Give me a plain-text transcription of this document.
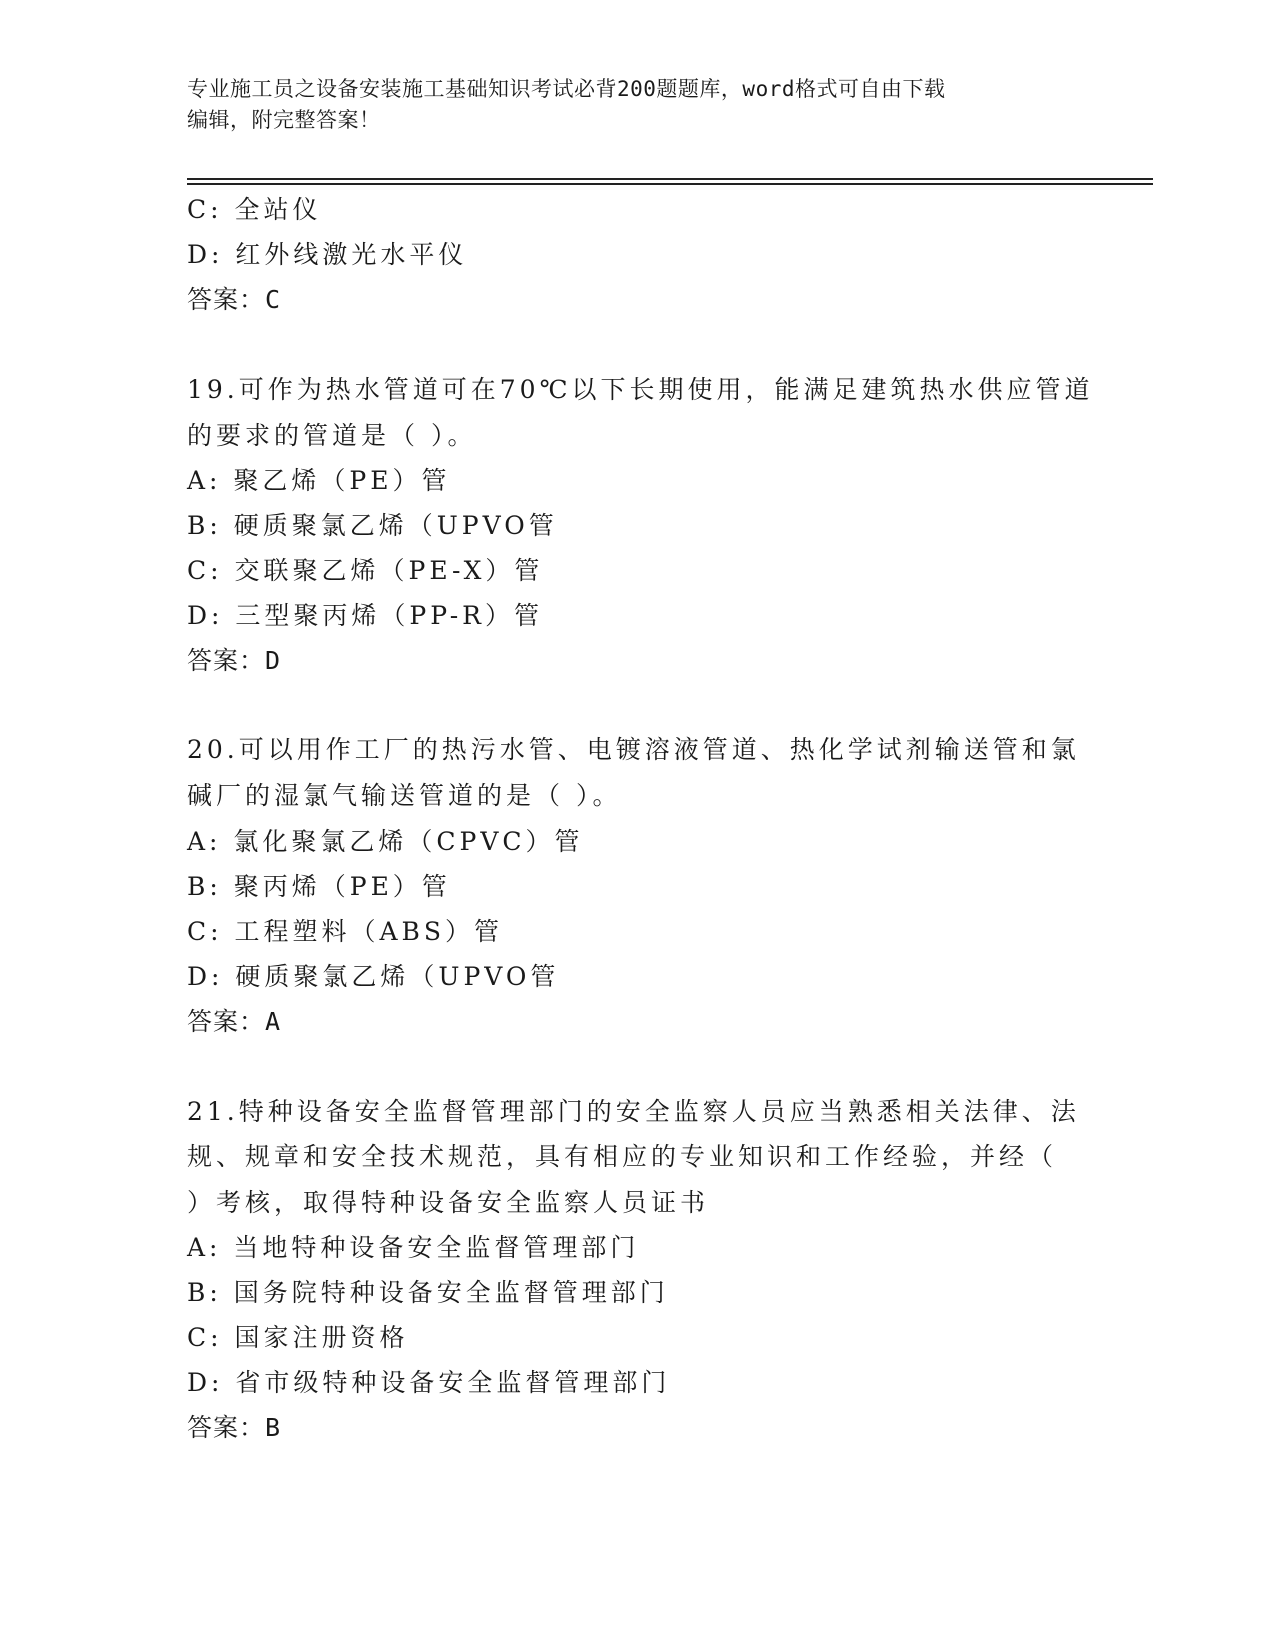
专业施工员之设备安装施工基础知识考试必背200题题库，word格式可自由下载
编辑，附完整答案！
C: 全站仪
D: 红外线激光水平仪
答案：C
19.可作为热水管道可在70℃以下长期使用，能满足建筑热水供应管道
的要求的管道是（ ）。
A: 聚乙烯（PE）管
B: 硬质聚氯乙烯（UPVO管
C: 交联聚乙烯（PE-X）管
D: 三型聚丙烯（PP-R）管
答案：D
20.可以用作工厂的热污水管、电镀溶液管道、热化学试剂输送管和氯
碱厂的湿氯气输送管道的是（ ）。
A: 氯化聚氯乙烯（CPVC）管
B: 聚丙烯（PE）管
C: 工程塑料（ABS）管
D: 硬质聚氯乙烯（UPVO管
答案：A
21.特种设备安全监督管理部门的安全监察人员应当熟悉相关法律、法
规、规章和安全技术规范，具有相应的专业知识和工作经验，并经（
）考核，取得特种设备安全监察人员证书
A: 当地特种设备安全监督管理部门
B: 国务院特种设备安全监督管理部门
C: 国家注册资格
D: 省市级特种设备安全监督管理部门
答案：B
